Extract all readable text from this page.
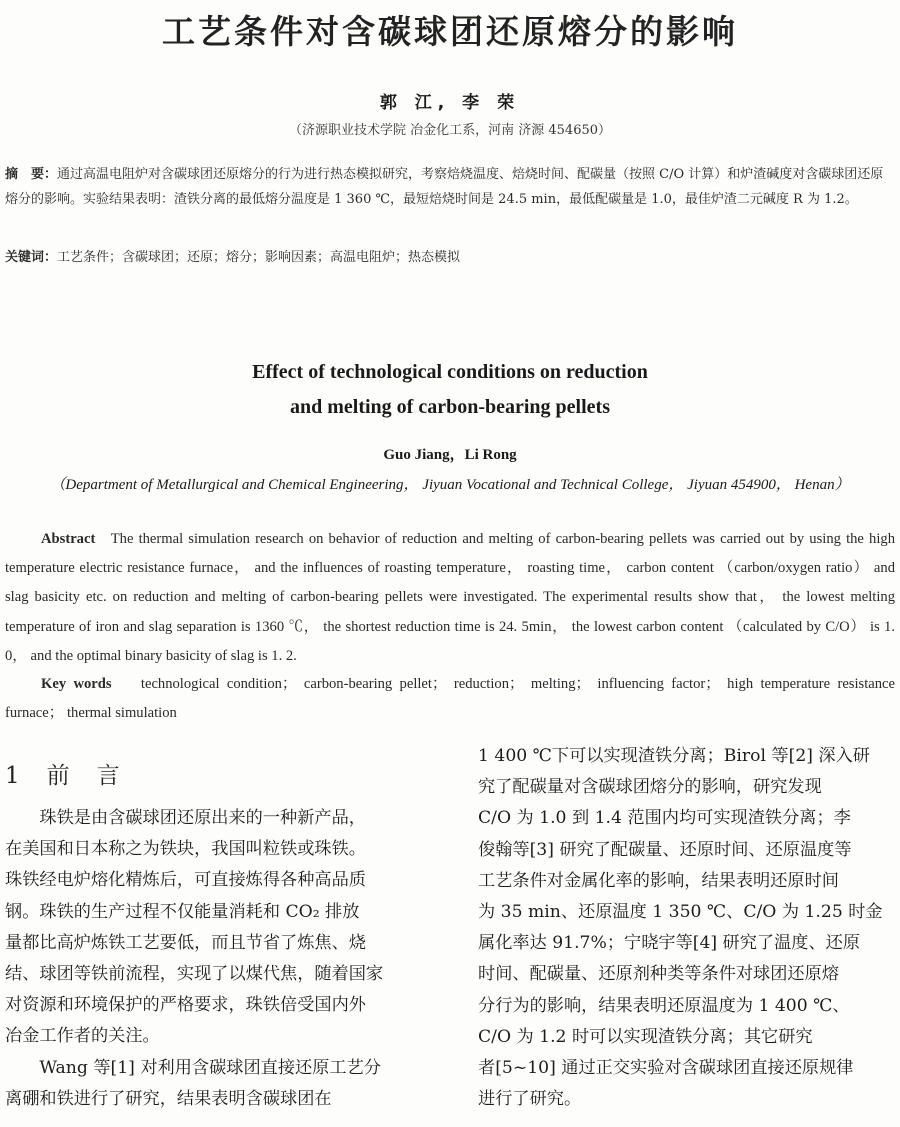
工艺条件对含碳球团还原熔分的影响
郭 江, 李 荣
（济源职业技术学院 冶金化工系，河南 济源 454650）
摘　要：通过高温电阻炉对含碳球团还原熔分的行为进行热态模拟研究，考察焙烧温度、焙烧时间、配碳量（按照 C/O 计算）和炉渣碱度对含碳球团还原熔分的影响。实验结果表明：渣铁分离的最低熔分温度是 1 360 ℃，最短焙烧时间是 24.5 min，最低配碳量是 1.0，最佳炉渣二元碱度 R 为 1.2。
关键词：工艺条件；含碳球团；还原；熔分；影响因素；高温电阻炉；热态模拟
Effect of technological conditions on reduction
and melting of carbon-bearing pellets
Guo Jiang，Li Rong
（Department of Metallurgical and Chemical Engineering， Jiyuan Vocational and Technical College， Jiyuan 454900， Henan）
Abstract The thermal simulation research on behavior of reduction and melting of carbon-bearing pellets was carried out by using the high temperature electric resistance furnace， and the influences of roasting temperature， roasting time， carbon content （carbon/oxygen ratio） and slag basicity etc. on reduction and melting of carbon-bearing pellets were investigated. The experimental results show that， the lowest melting temperature of iron and slag separation is 1360 ℃， the shortest reduction time is 24. 5min， the lowest carbon content （calculated by C/O） is 1. 0， and the optimal binary basicity of slag is 1. 2.
Key words technological condition； carbon-bearing pellet； reduction； melting； influencing factor； high temperature resistance furnace； thermal simulation
1　前　言
　　珠铁是由含碳球团还原出来的一种新产品，
在美国和日本称之为铁块，我国叫粒铁或珠铁。
珠铁经电炉熔化精炼后，可直接炼得各种高品质
钢。珠铁的生产过程不仅能量消耗和 CO₂ 排放
量都比高炉炼铁工艺要低，而且节省了炼焦、烧
结、球团等铁前流程，实现了以煤代焦，随着国家
对资源和环境保护的严格要求，珠铁倍受国内外
冶金工作者的关注。
　　Wang 等[1] 对利用含碳球团直接还原工艺分
离硼和铁进行了研究，结果表明含碳球团在
1 400 ℃下可以实现渣铁分离；Birol 等[2] 深入研
究了配碳量对含碳球团熔分的影响，研究发现
C/O 为 1.0 到 1.4 范围内均可实现渣铁分离；李
俊翰等[3] 研究了配碳量、还原时间、还原温度等
工艺条件对金属化率的影响，结果表明还原时间
为 35 min、还原温度 1 350 ℃、C/O 为 1.25 时金
属化率达 91.7%；宁晓宇等[4] 研究了温度、还原
时间、配碳量、还原剂种类等条件对球团还原熔
分行为的影响，结果表明还原温度为 1 400 ℃、
C/O 为 1.2 时可以实现渣铁分离；其它研究
者[5~10] 通过正交实验对含碳球团直接还原规律
进行了研究。
